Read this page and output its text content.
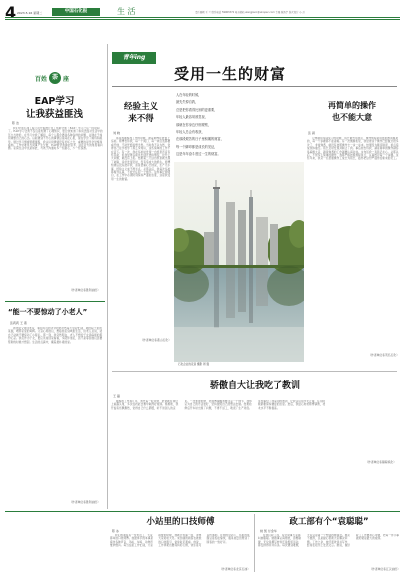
4 2023.5.16 星期二	中国石化报	生 活	责任编辑 王 兰 联系电话 59963372 电子邮箱 wangjiaoc@sinopec.com 美编 陈浩宇 版式设计 小 月
百姓 荼 座
EAP学习
让我获益匪浅
陈 洁

我们中原石油工程公司开始推行员工帮助计划（EAP）学习已有一段时间了。EAP学习让我不仅仅是知道了心理知识，更让我知道了如何去面对生活中的压力与挫折。在学习中我了解到，每个人都会遇到各种各样的问题，关键在于如何调整自己的心态。以前遇到不开心的事情总是闷在心里，现在学会了倾诉和疏导。通过学习情绪管理课程，我认识到情绪没有好坏之分，重要的是学会觉察和接纳。工作中难免与同事产生分歧，EAP教会我换位思考，站在对方的角度看问题。家庭生活中也是如此，与孩子沟通时多一些耐心，少一些说教。

（作者单位系胜利油田）
青年ing
受用一生的财富
经验主义
来不得
刘 晓

那是我刚参加工作的时候，跟着师傅在装置上巡检。师傅告诉我，每一个阀门、每一块仪表都要看仔细，不能凭经验想当然。当时我不以为然，觉得自己在学校学了那么多知识，这些简单的工作不在话下。有一次，我在巡检时发现一台机泵声音有些异常，但我觉得以前也出现过类似情况，没什么大问题，就没有上报。结果第二天这台机泵就出现了故障，幸好发现及时，没有造成大的损失。师傅知道后没有批评我，而是语重心长地说，生产无小事，经验主义来不得半点。从那以后，我每次巡检都格外认真，不放过任何一个细节。这件事让我明白，在工作中必须时刻保持严谨的态度，这是我受用一生的财富。

（作者单位系燕山石化）
人在年轻的时候，
最先失掉自我，
总是把你看得比别的更重要，
年轻人最容易被忽视，
那就在你身边仔细观察，
年轻人总会有收获，
在那段艰苦的日子里积累的财富，
每一个脚印都是成长的见证，
这是年年奋斗度过一生的财富。
石化企业的夜景 摄影 周 强
再简单的操作
也不能大意
张 颖

记得刚到车间实习的时候，班长就告诉我们，操作规程是用血的教训换来的，每一个步骤都不能省略。有一次倒换机泵，我觉得这个操作已经做过很多次了，非常熟悉，就没有按照操作卡一步一步来。结果因为顺序错误，差点造成泵体抽空。班长及时发现并制止了我。事后他告诉我，越是简单的操作越容易麻痹大意，越是熟悉的工作越要认真对待。这句话我一直铭记在心。从那以后，不管多么简单的操作，我都严格按照规程执行，认真核对每一个步骤。这些年来，我从一名普通操作工成长为班长，始终把这份严谨传给新来的员工。

（作者单位系茂名石化）
骄傲自大让我吃了教训
王 磊

刚参加工作那几年，我凭着一股冲劲，很快就在岗位上崭露头角，多次在技能比赛中取得好成绩。渐渐地，我开始有些飘飘然，觉得自己什么都懂，听不进别人的意见。一次装置检修，老师傅提醒我要注意一个细节，我却认为自己的方法更好，坚持按照自己的想法去做。结果检修后开车时出现了问题，不得不返工，耽误了生产进度。这件事给了我深刻的教训，让我认识到学无止境，任何时候都要保持谦虚的态度。此后，我虚心向老师傅请教，技术水平不断提高。

（作者单位系镇海炼化）
“能一不要惊动了小老人”
张莉莉 王 燕

周末陪父母回老家，看到年迈的爷爷奶奶仍然每天早起忙碌，收拾院子里的菜园，喂养家里的鸡鸭。父亲心疼他们，想接他们到城里生活，但老人总说，能自己动就不要惊动了小辈们。那一刻，我突然明白，老人不想给子女添麻烦的那份心意。我们作为子女，更应该常回家看看，多陪伴他们，而不是等到他们需要帮助的时候才想起。生活的点滴中，藏着最朴素的爱。

（作者单位系胜利油田）
小站里的口技师傅
陈 冰

我们加油站有一位老员工，大家都叫他口技师傅。他最拿手的本事是模仿各种声音，鸟叫、车鸣、动物声惟妙惟肖。每当站里工作忙碌，大家疲惫的时候，他就会表演一段，逗得大家哈哈大笑。来加油的顾客也被他的口技吸引，常常驻足观看。他说，工作再累也要保持好心情，快乐是可以传递的。在他的带动下，站里的氛围总是轻松愉快，服务质量也得到了顾客的一致好评。

（作者单位系北京石油）
政工部有个“袁聪聪”
姚 凯 甘金华

在我们政工部，有位同事大家都叫她聪聪。她做事认真细致，思维敏捷，无论是撰写材料还是组织活动，都安排得井井有条。每次遇到难题，大家总是第一个想到找她商量。她从不推辞，总是耐心帮助大家解决问题。工作之余，她还喜欢读书写作，经常在报刊上发表文章。她说，做好政工工作要用心用情，把每一件小事做好就是最大的成绩。

（作者单位系江汉油田）
